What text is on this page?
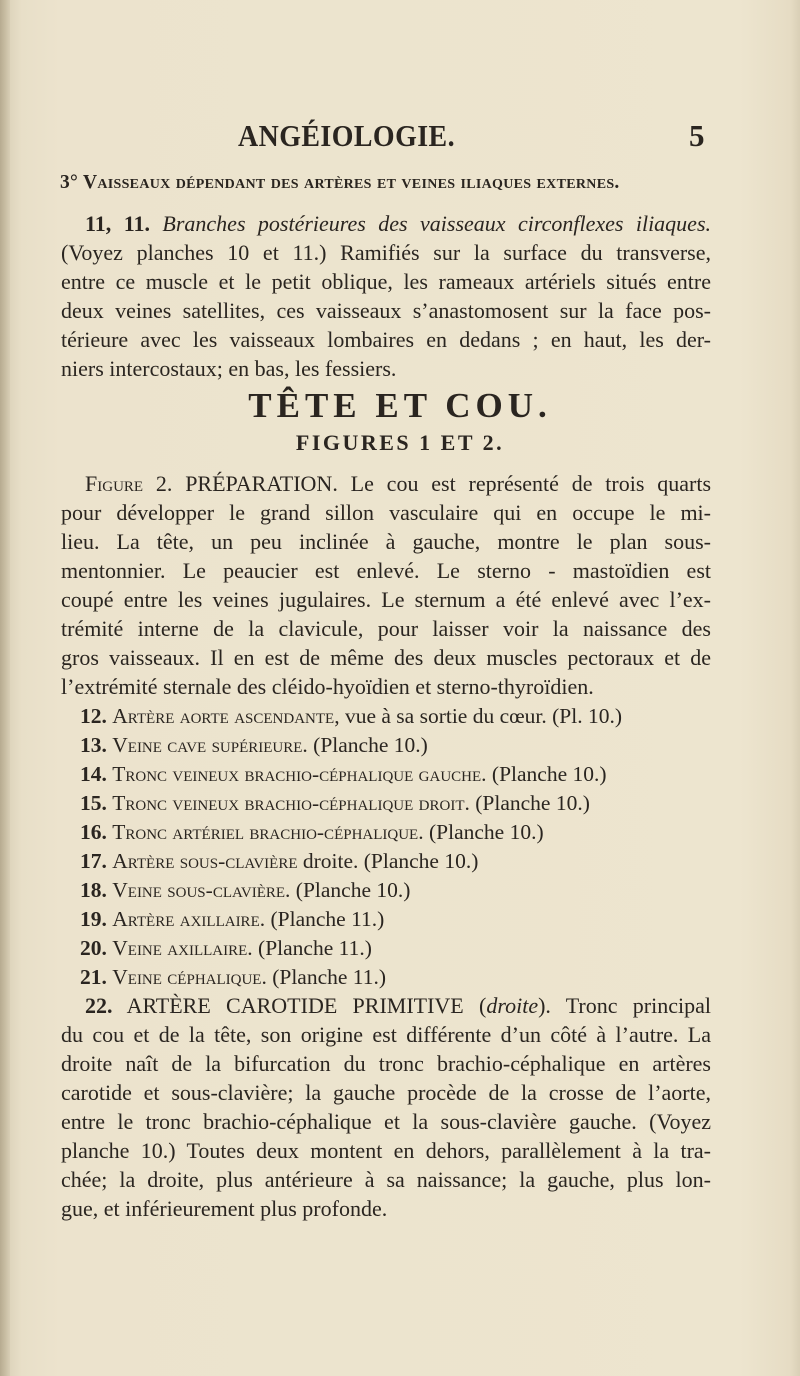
ANGÉIOLOGIE.	5
3° Vaisseaux dépendant des artères et veines iliaques externes.
11, 11. Branches postérieures des vaisseaux circonflexes iliaques.
(Voyez planches 10 et 11.) Ramifiés sur la surface du transverse,
entre ce muscle et le petit oblique, les rameaux artériels situés entre
deux veines satellites, ces vaisseaux s’anastomosent sur la face pos-
térieure avec les vaisseaux lombaires en dedans ; en haut, les der-
niers intercostaux; en bas, les fessiers.
TÊTE ET COU.
FIGURES 1 ET 2.
Figure 2. PRÉPARATION. Le cou est représenté de trois quarts
pour développer le grand sillon vasculaire qui en occupe le mi-
lieu. La tête, un peu inclinée à gauche, montre le plan sous-
mentonnier. Le peaucier est enlevé. Le sterno - mastoïdien est
coupé entre les veines jugulaires. Le sternum a été enlevé avec l’ex-
trémité interne de la clavicule, pour laisser voir la naissance des
gros vaisseaux. Il en est de même des deux muscles pectoraux et de
l’extrémité sternale des cléido-hyoïdien et sterno-thyroïdien.
12. Artère aorte ascendante, vue à sa sortie du cœur. (Pl. 10.)
13. Veine cave supérieure. (Planche 10.)
14. Tronc veineux brachio-céphalique gauche. (Planche 10.)
15. Tronc veineux brachio-céphalique droit. (Planche 10.)
16. Tronc artériel brachio-céphalique. (Planche 10.)
17. Artère sous-clavière droite. (Planche 10.)
18. Veine sous-clavière. (Planche 10.)
19. Artère axillaire. (Planche 11.)
20. Veine axillaire. (Planche 11.)
21. Veine céphalique. (Planche 11.)
22. ARTÈRE CAROTIDE PRIMITIVE (droite). Tronc principal
du cou et de la tête, son origine est différente d’un côté à l’autre. La
droite naît de la bifurcation du tronc brachio-céphalique en artères
carotide et sous-clavière; la gauche procède de la crosse de l’aorte,
entre le tronc brachio-céphalique et la sous-clavière gauche. (Voyez
planche 10.) Toutes deux montent en dehors, parallèlement à la tra-
chée; la droite, plus antérieure à sa naissance; la gauche, plus lon-
gue, et inférieurement plus profonde.
